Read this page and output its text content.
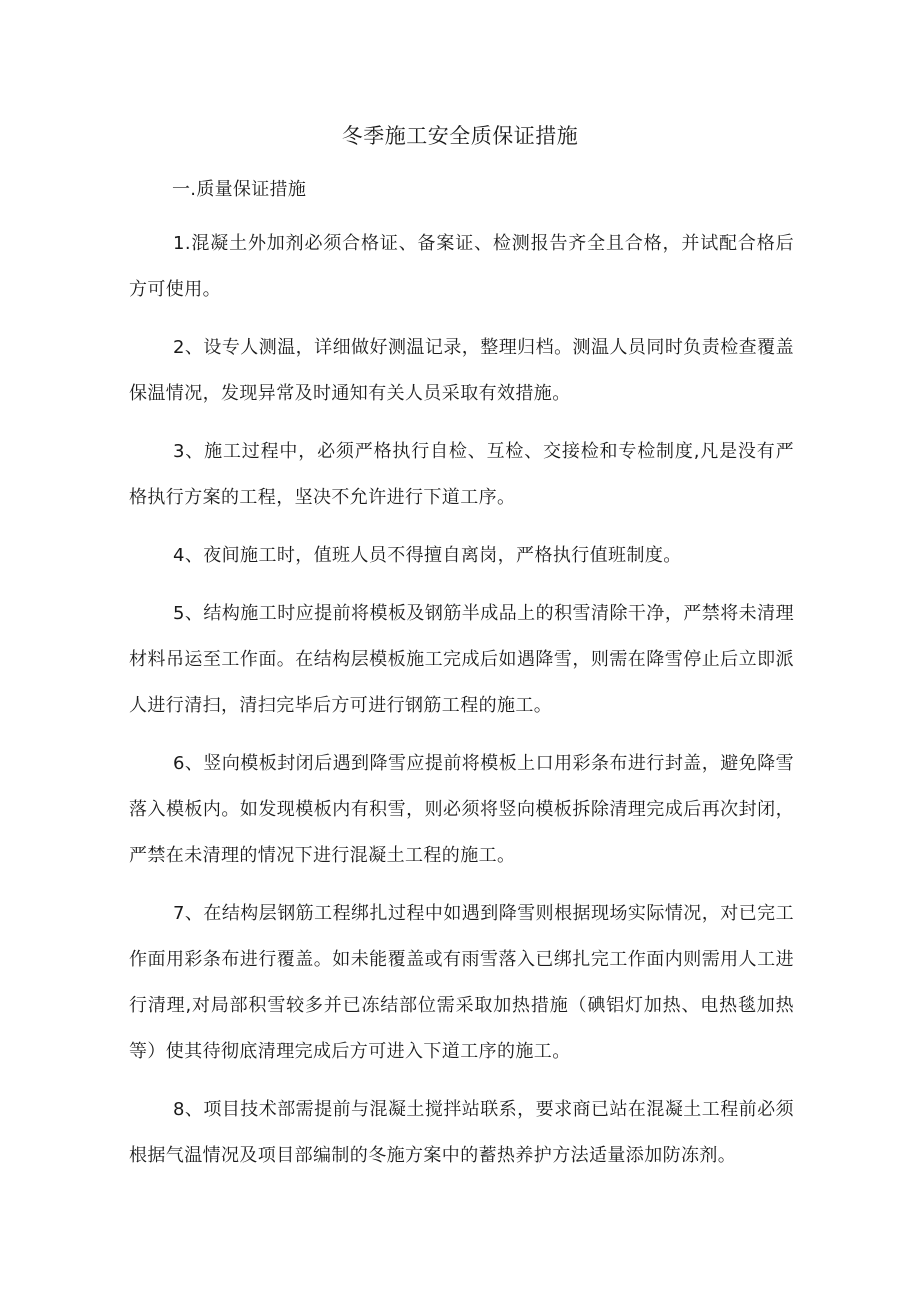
冬季施工安全质保证措施
一.质量保证措施

1.混凝土外加剂必须合格证、备案证、检测报告齐全且合格，并试配合格后方可使用。

2、设专人测温，详细做好测温记录，整理归档。测温人员同时负责检查覆盖保温情况，发现异常及时通知有关人员采取有效措施。

3、施工过程中，必须严格执行自检、互检、交接检和专检制度,凡是没有严格执行方案的工程，坚决不允许进行下道工序。

4、夜间施工时，值班人员不得擅自离岗，严格执行值班制度。

5、结构施工时应提前将模板及钢筋半成品上的积雪清除干净，严禁将未清理材料吊运至工作面。在结构层模板施工完成后如遇降雪，则需在降雪停止后立即派人进行清扫，清扫完毕后方可进行钢筋工程的施工。

6、竖向模板封闭后遇到降雪应提前将模板上口用彩条布进行封盖，避免降雪落入模板内。如发现模板内有积雪，则必须将竖向模板拆除清理完成后再次封闭，严禁在未清理的情况下进行混凝土工程的施工。

7、在结构层钢筋工程绑扎过程中如遇到降雪则根据现场实际情况，对已完工作面用彩条布进行覆盖。如未能覆盖或有雨雪落入已绑扎完工作面内则需用人工进行清理,对局部积雪较多并已冻结部位需采取加热措施（碘铝灯加热、电热毯加热等）使其待彻底清理完成后方可进入下道工序的施工。

8、项目技术部需提前与混凝土搅拌站联系，要求商已站在混凝土工程前必须根据气温情况及项目部编制的冬施方案中的蓄热养护方法适量添加防冻剂。
